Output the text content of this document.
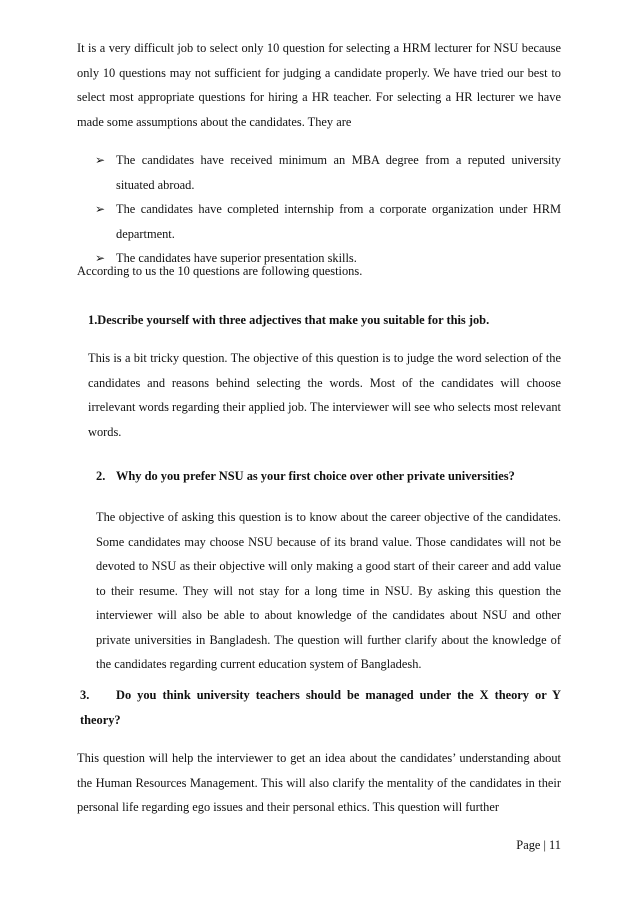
It is a very difficult job to select only 10 question for selecting a HRM lecturer for NSU because only 10 questions may not sufficient for judging a candidate properly. We have tried our best to select most appropriate questions for hiring a HR teacher. For selecting a HR lecturer we have made some assumptions about the candidates. They are

➢ The candidates have received minimum an MBA degree from a reputed university situated abroad.
➢ The candidates have completed internship from a corporate organization under HRM department.
➢ The candidates have superior presentation skills.

According to us the 10 questions are following questions.

1.Describe yourself with three adjectives that make you suitable for this job.

This is a bit tricky question. The objective of this question is to judge the word selection of the candidates and reasons behind selecting the words. Most of the candidates will choose irrelevant words regarding their applied job. The interviewer will see who selects most relevant words.

2. Why do you prefer NSU as your first choice over other private universities?

The objective of asking this question is to know about the career objective of the candidates. Some candidates may choose NSU because of its brand value. Those candidates will not be devoted to NSU as their objective will only making a good start of their career and add value to their resume. They will not stay for a long time in NSU. By asking this question the interviewer will also be able to about knowledge of the candidates about NSU and other private universities in Bangladesh. The question will further clarify about the knowledge of the candidates regarding current education system of Bangladesh.

3. Do you think university teachers should be managed under the X theory or Y theory?

This question will help the interviewer to get an idea about the candidates’ understanding about the Human Resources Management. This will also clarify the mentality of the candidates in their personal life regarding ego issues and their personal ethics. This question will further

Page | 11
